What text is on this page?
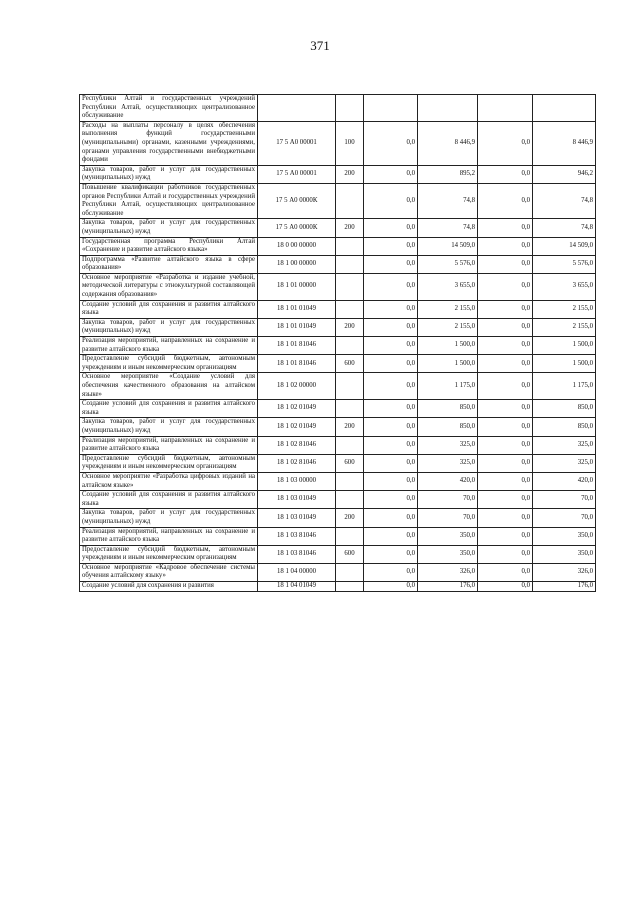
371
Республики Алтай и государственных учреждений Республики Алтай, осуществляющих централизованное обслуживание						
Расходы на выплаты персоналу в целях обеспечения выполнения функций государственными (муниципальными) органами, казенными учреждениями, органами управления государственными внебюджетными фондами	17 5 А0 00001	100	0,0	8 446,9	0,0	8 446,9
Закупка товаров, работ и услуг для государственных (муниципальных) нужд	17 5 А0 00001	200	0,0	895,2	0,0	946,2
Повышение квалификации работников государственных органов Республики Алтай и государственных учреждений Республики Алтай, осуществляющих централизованное обслуживание	17 5 А0 0000К		0,0	74,8	0,0	74,8
Закупка товаров, работ и услуг для государственных (муниципальных) нужд	17 5 А0 0000К	200	0,0	74,8	0,0	74,8
Государственная программа Республики Алтай «Сохранение и развитие алтайского языка»	18 0 00 00000		0,0	14 509,0	0,0	14 509,0
Подпрограмма «Развитие алтайского языка в сфере образования»	18 1 00 00000		0,0	5 576,0	0,0	5 576,0
Основное мероприятие «Разработка и издание учебной, методической литературы с этнокультурной составляющей содержания образования»	18 1 01 00000		0,0	3 655,0	0,0	3 655,0
Создание условий для сохранения и развития алтайского языка	18 1 01 01049		0,0	2 155,0	0,0	2 155,0
Закупка товаров, работ и услуг для государственных (муниципальных) нужд	18 1 01 01049	200	0,0	2 155,0	0,0	2 155,0
Реализация мероприятий, направленных на сохранение и развитие алтайского языка	18 1 01 81046		0,0	1 500,0	0,0	1 500,0
Предоставление субсидий бюджетным, автономным учреждениям и иным некоммерческим организациям	18 1 01 81046	600	0,0	1 500,0	0,0	1 500,0
Основное мероприятие «Создание условий для обеспечения качественного образования на алтайском языке»	18 1 02 00000		0,0	1 175,0	0,0	1 175,0
Создание условий для сохранения и развития алтайского языка	18 1 02 01049		0,0	850,0	0,0	850,0
Закупка товаров, работ и услуг для государственных (муниципальных) нужд	18 1 02 01049	200	0,0	850,0	0,0	850,0
Реализация мероприятий, направленных на сохранение и развитие алтайского языка	18 1 02 81046		0,0	325,0	0,0	325,0
Предоставление субсидий бюджетным, автономным учреждениям и иным некоммерческим организациям	18 1 02 81046	600	0,0	325,0	0,0	325,0
Основное мероприятие «Разработка цифровых изданий на алтайском языке»	18 1 03 00000		0,0	420,0	0,0	420,0
Создание условий для сохранения и развития алтайского языка	18 1 03 01049		0,0	70,0	0,0	70,0
Закупка товаров, работ и услуг для государственных (муниципальных) нужд	18 1 03 01049	200	0,0	70,0	0,0	70,0
Реализация мероприятий, направленных на сохранение и развитие алтайского языка	18 1 03 81046		0,0	350,0	0,0	350,0
Предоставление субсидий бюджетным, автономным учреждениям и иным некоммерческим организациям	18 1 03 81046	600	0,0	350,0	0,0	350,0
Основное мероприятие «Кадровое обеспечение системы обучения алтайскому языку»	18 1 04 00000		0,0	326,0	0,0	326,0
Создание условий для сохранения и развития	18 1 04 01049		0,0	176,0	0,0	176,0
